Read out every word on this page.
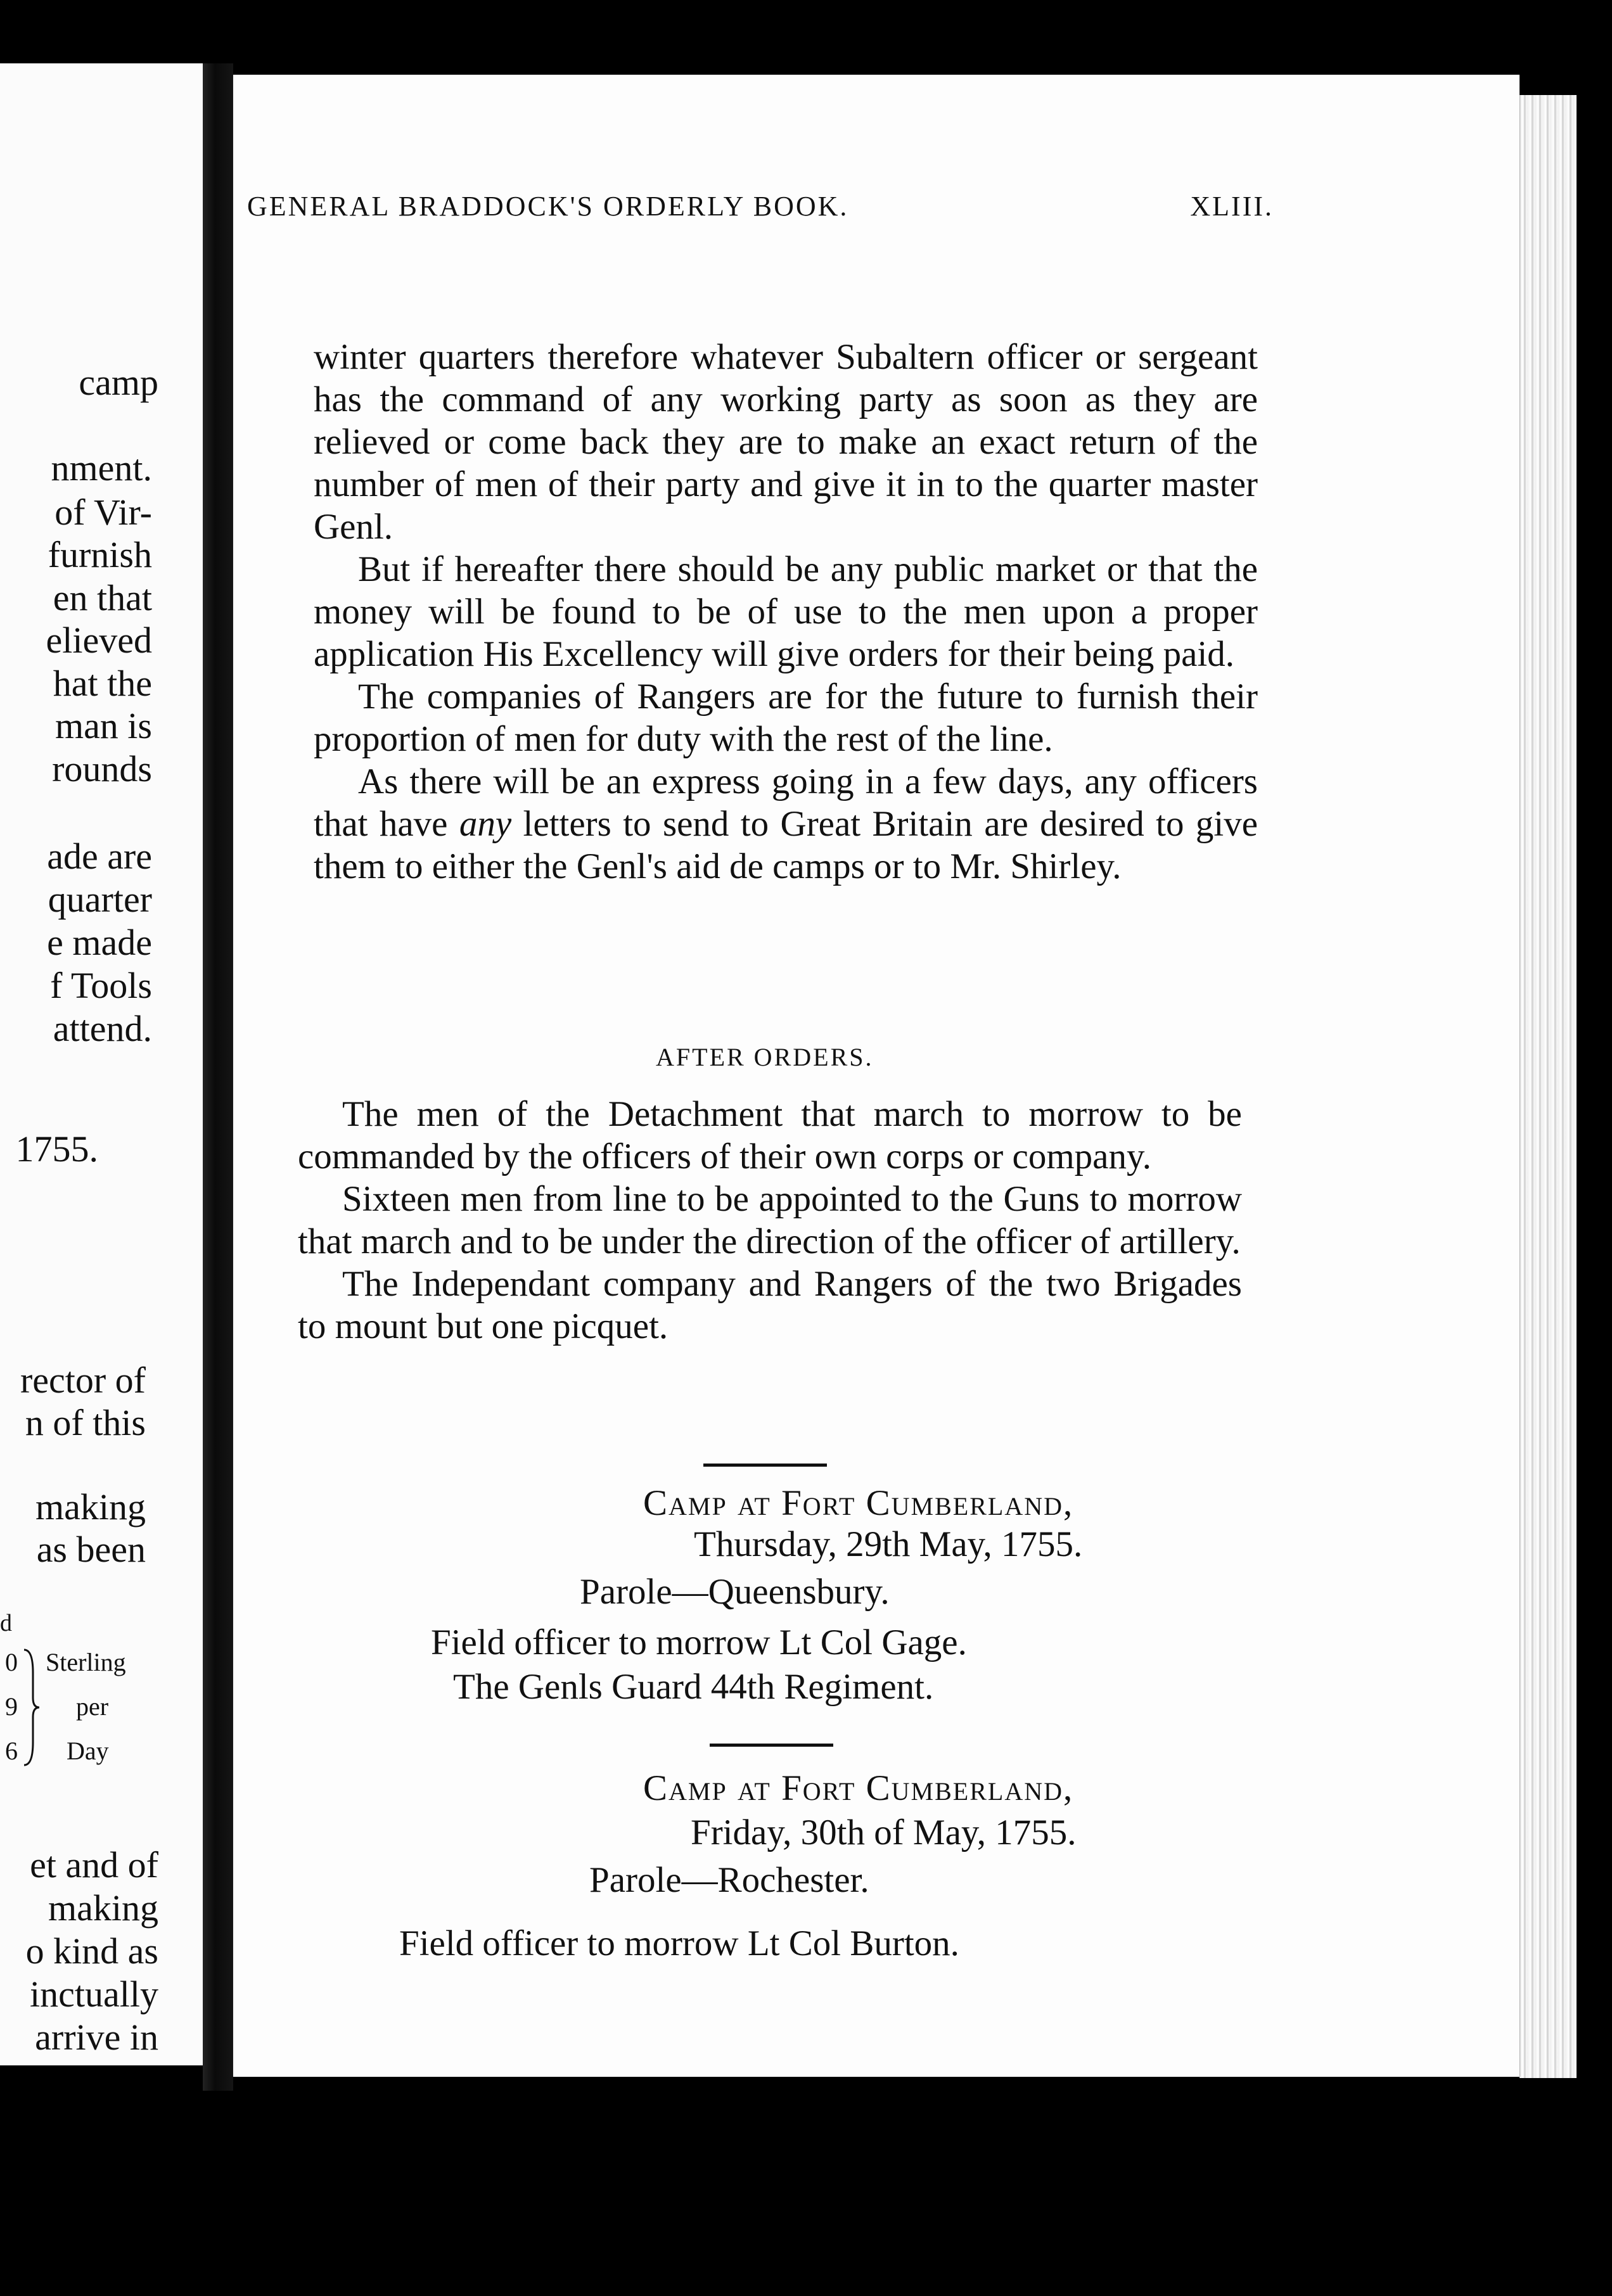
camp
nment.
of Vir-
furnish
en that
elieved
hat the
man is
rounds
ade are
quarter
e made
f Tools
attend.
1755.
rector of
n of this
making
as been
d
0
9
6
Sterling
per
Day
et and of
making
o kind as
inctually
arrive in
GENERAL BRADDOCK'S ORDERLY BOOK.	XLIII.

winter quarters therefore whatever Subaltern officer or sergeant has the command of any working party as soon as they are relieved or come back they are to make an exact return of the number of men of their party and give it in to the quarter master Genl.

But if hereafter there should be any public market or that the money will be found to be of use to the men upon a proper application His Excellency will give orders for their being paid.

The companies of Rangers are for the future to furnish their proportion of men for duty with the rest of the line.

As there will be an express going in a few days, any officers that have any letters to send to Great Britain are desired to give them to either the Genl's aid de camps or to Mr. Shirley.

AFTER ORDERS.

The men of the Detachment that march to morrow to be commanded by the officers of their own corps or company.

Sixteen men from line to be appointed to the Guns to morrow that march and to be under the direction of the officer of artillery.

The Independant company and Rangers of the two Brigades to mount but one picquet.

Camp at Fort Cumberland,
Thursday, 29th May, 1755.
Parole—Queensbury.
Field officer to morrow Lt Col Gage.
The Genls Guard 44th Regiment.
Camp at Fort Cumberland,
Friday, 30th of May, 1755.
Parole—Rochester.
Field officer to morrow Lt Col Burton.
